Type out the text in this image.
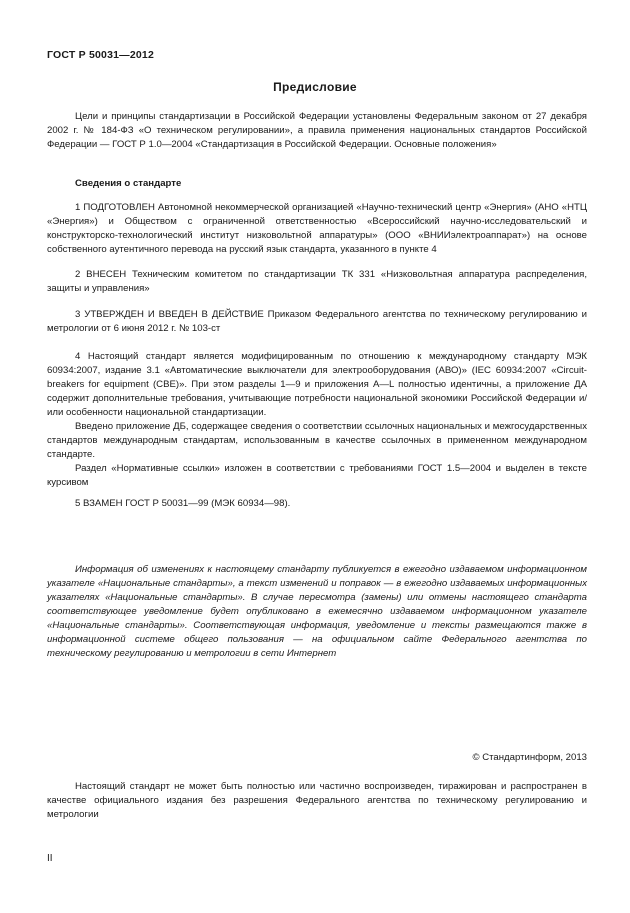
ГОСТ Р 50031—2012
Предисловие

Цели и принципы стандартизации в Российской Федерации установлены Федеральным законом от 27 декабря 2002 г. № 184-ФЗ «О техническом регулировании», а правила применения национальных стандартов Российской Федерации — ГОСТ Р 1.0—2004 «Стандартизация в Российской Федерации. Основные положения»

Сведения о стандарте

1 ПОДГОТОВЛЕН Автономной некоммерческой организацией «Научно-технический центр «Энергия» (АНО «НТЦ «Энергия») и Обществом с ограниченной ответственностью «Всероссийский научно-исследовательский и конструкторско-технологический институт низковольтной аппаратуры» (ООО «ВНИИэлектроаппарат») на основе собственного аутентичного перевода на русский язык стандарта, указанного в пункте 4

2 ВНЕСЕН Техническим комитетом по стандартизации ТК 331 «Низковольтная аппаратура распределения, защиты и управления»

3 УТВЕРЖДЕН И ВВЕДЕН В ДЕЙСТВИЕ Приказом Федерального агентства по техническому регулированию и метрологии от 6 июня 2012 г. № 103-ст

4 Настоящий стандарт является модифицированным по отношению к международному стандарту МЭК 60934:2007, издание 3.1 «Автоматические выключатели для электрооборудования (АВО)» (IEC 60934:2007 «Circuit-breakers for equipment (CBE)». При этом разделы 1—9 и приложения А—L полностью идентичны, а приложение ДА содержит дополнительные требования, учитывающие потребности национальной экономики Российской Федерации и/или особенности национальной стандартизации.

Введено приложение ДБ, содержащее сведения о соответствии ссылочных национальных и межгосударственных стандартов международным стандартам, использованным в качестве ссылочных в примененном международном стандарте.

Раздел «Нормативные ссылки» изложен в соответствии с требованиями ГОСТ 1.5—2004 и выделен в тексте курсивом

5 ВЗАМЕН ГОСТ Р 50031—99 (МЭК 60934—98).

Информация об изменениях к настоящему стандарту публикуется в ежегодно издаваемом информационном указателе «Национальные стандарты», а текст изменений и поправок — в ежегодно издаваемых информационных указателях «Национальные стандарты». В случае пересмотра (замены) или отмены настоящего стандарта соответствующее уведомление будет опубликовано в ежемесячно издаваемом информационном указателе «Национальные стандарты». Соответствующая информация, уведомление и тексты размещаются также в информационной системе общего пользования — на официальном сайте Федерального агентства по техническому регулированию и метрологии в сети Интернет

© Стандартинформ, 2013

Настоящий стандарт не может быть полностью или частично воспроизведен, тиражирован и распространен в качестве официального издания без разрешения Федерального агентства по техническому регулированию и метрологии

II
